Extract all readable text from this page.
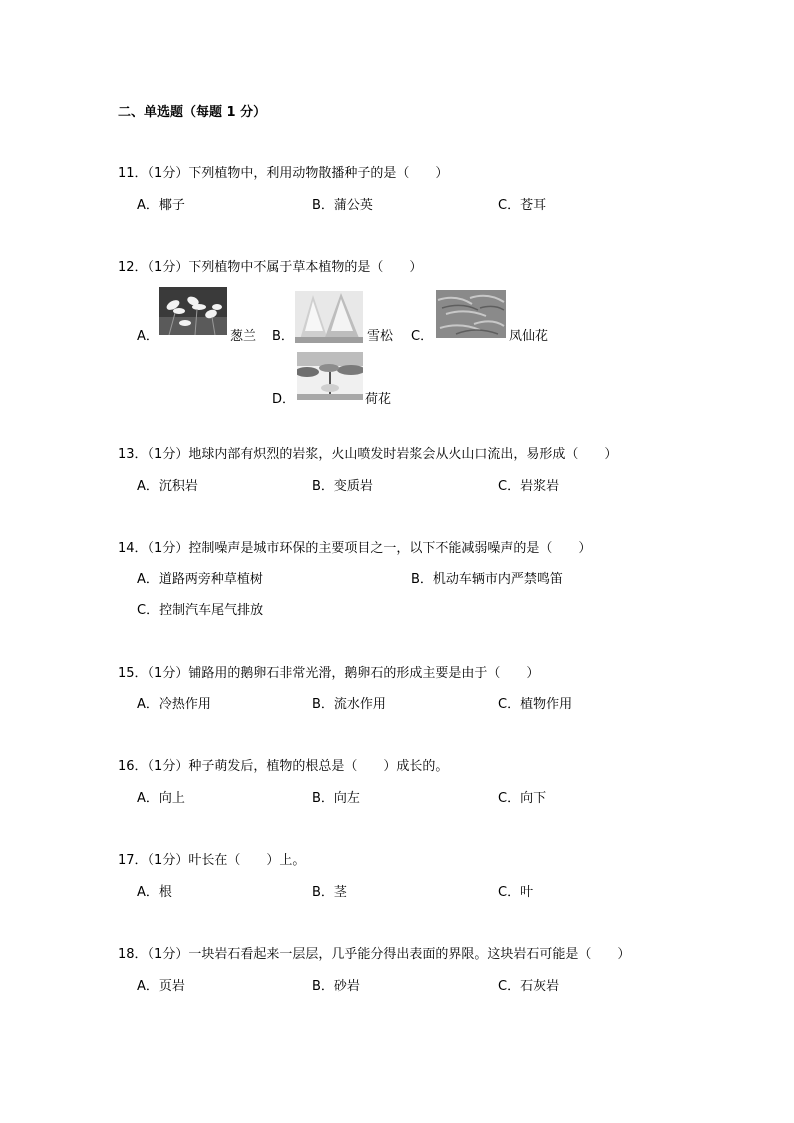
二、单选题（每题 1 分）
11．（1分）下列植物中，利用动物散播种子的是（　　）
A．椰子	B．蒲公英	C．苍耳
12．（1分）下列植物中不属于草本植物的是（　　）
A．	葱兰 B．	雪松 C．	凤仙花
D．	荷花
13．（1分）地球内部有炽烈的岩浆，火山喷发时岩浆会从火山口流出，易形成（　　）
A．沉积岩	B．变质岩	C．岩浆岩
14．（1分）控制噪声是城市环保的主要项目之一，以下不能减弱噪声的是（　　）
A．道路两旁种草植树	B．机动车辆市内严禁鸣笛
C．控制汽车尾气排放
15．（1分）铺路用的鹅卵石非常光滑，鹅卵石的形成主要是由于（　　）
A．冷热作用	B．流水作用	C．植物作用
16．（1分）种子萌发后，植物的根总是（　　）成长的。
A．向上	B．向左	C．向下
17．（1分）叶长在（　　）上。
A．根	B．茎	C．叶
18．（1分）一块岩石看起来一层层，几乎能分得出表面的界限。这块岩石可能是（　　）
A．页岩	B．砂岩	C．石灰岩
